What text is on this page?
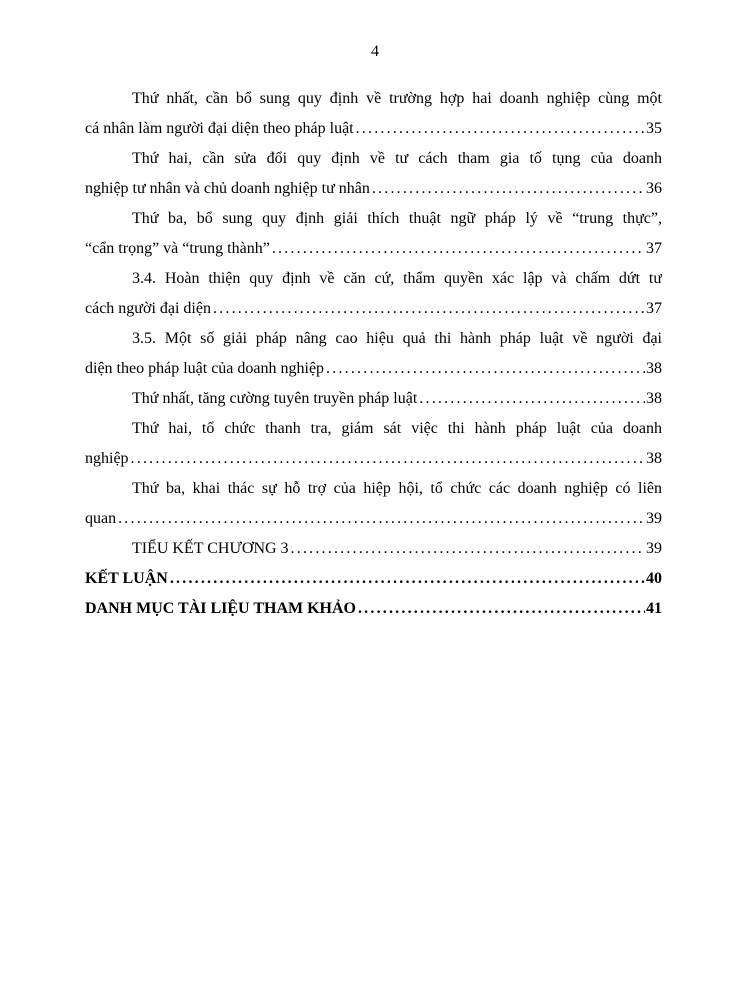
4
Thứ nhất, cần bổ sung quy định về trường hợp hai doanh nghiệp cùng một
cá nhân làm người đại diện theo pháp luật .....	35
Thứ hai, cần sửa đổi quy định về tư cách tham gia tố tụng của doanh
nghiệp tư nhân và chủ doanh nghiệp tư nhân .....	36
Thứ ba, bổ sung quy định giải thích thuật ngữ pháp lý về “trung thực”,
“cẩn trọng” và “trung thành” .....	37
3.4. Hoàn thiện quy định về căn cứ, thẩm quyền xác lập và chấm dứt tư
cách người đại diện .....	37
3.5. Một số giải pháp nâng cao hiệu quả thi hành pháp luật về người đại
diện theo pháp luật của doanh nghiệp .....	38
Thứ nhất, tăng cường tuyên truyền pháp luật .....	38
Thứ hai, tổ chức thanh tra, giám sát việc thi hành pháp luật của doanh
nghiệp .....	38
Thứ ba, khai thác sự hỗ trợ của hiệp hội, tổ chức các doanh nghiệp có liên
quan .....	39
TIỂU KẾT CHƯƠNG 3 .....	39
KẾT LUẬN .....	40
DANH MỤC TÀI LIỆU THAM KHẢO .....	41
